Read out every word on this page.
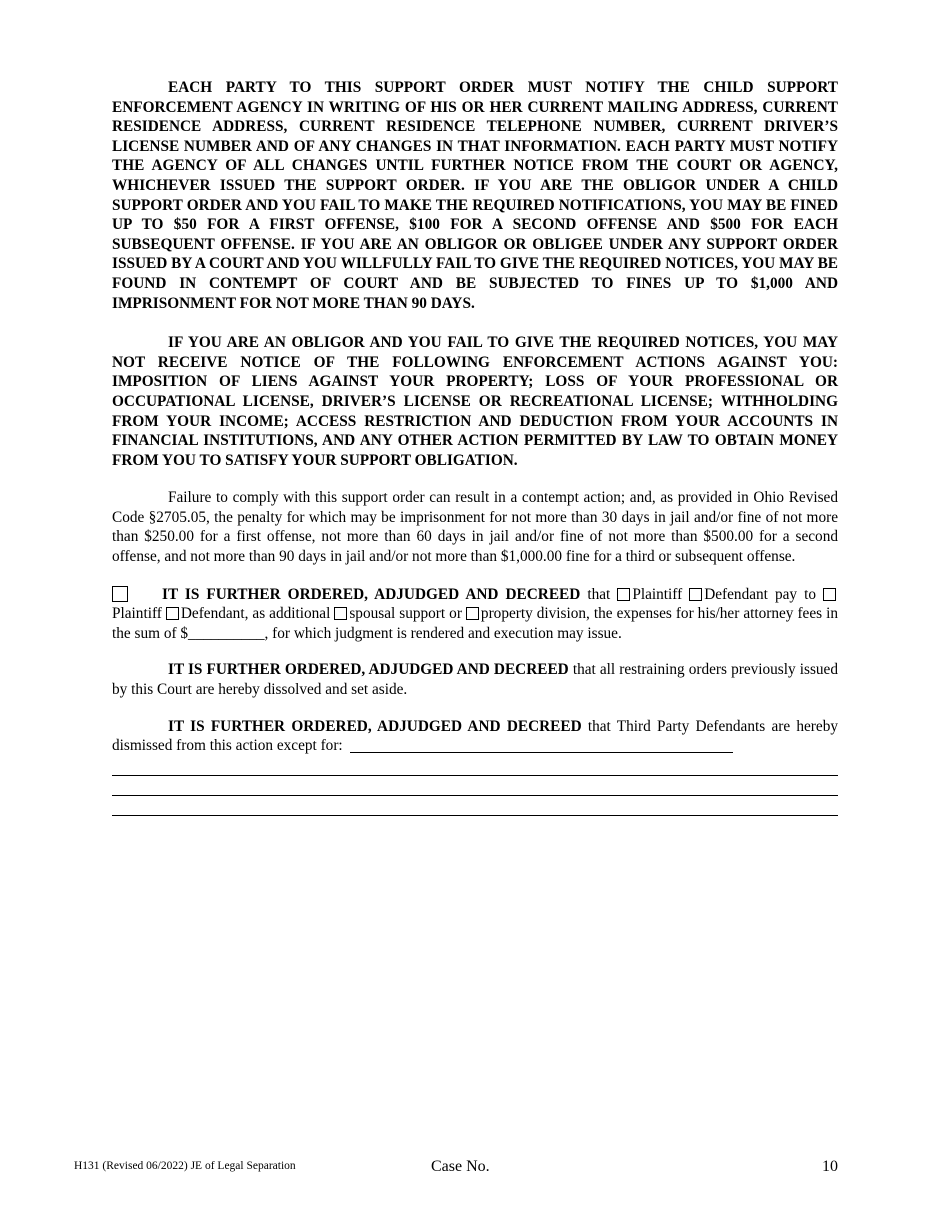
EACH PARTY TO THIS SUPPORT ORDER MUST NOTIFY THE CHILD SUPPORT ENFORCEMENT AGENCY IN WRITING OF HIS OR HER CURRENT MAILING ADDRESS, CURRENT RESIDENCE ADDRESS, CURRENT RESIDENCE TELEPHONE NUMBER, CURRENT DRIVER’S LICENSE NUMBER AND OF ANY CHANGES IN THAT INFORMATION. EACH PARTY MUST NOTIFY THE AGENCY OF ALL CHANGES UNTIL FURTHER NOTICE FROM THE COURT OR AGENCY, WHICHEVER ISSUED THE SUPPORT ORDER. IF YOU ARE THE OBLIGOR UNDER A CHILD SUPPORT ORDER AND YOU FAIL TO MAKE THE REQUIRED NOTIFICATIONS, YOU MAY BE FINED UP TO $50 FOR A FIRST OFFENSE, $100 FOR A SECOND OFFENSE AND $500 FOR EACH SUBSEQUENT OFFENSE. IF YOU ARE AN OBLIGOR OR OBLIGEE UNDER ANY SUPPORT ORDER ISSUED BY A COURT AND YOU WILLFULLY FAIL TO GIVE THE REQUIRED NOTICES, YOU MAY BE FOUND IN CONTEMPT OF COURT AND BE SUBJECTED TO FINES UP TO $1,000 AND IMPRISONMENT FOR NOT MORE THAN 90 DAYS.

IF YOU ARE AN OBLIGOR AND YOU FAIL TO GIVE THE REQUIRED NOTICES, YOU MAY NOT RECEIVE NOTICE OF THE FOLLOWING ENFORCEMENT ACTIONS AGAINST YOU: IMPOSITION OF LIENS AGAINST YOUR PROPERTY; LOSS OF YOUR PROFESSIONAL OR OCCUPATIONAL LICENSE, DRIVER’S LICENSE OR RECREATIONAL LICENSE; WITHHOLDING FROM YOUR INCOME; ACCESS RESTRICTION AND DEDUCTION FROM YOUR ACCOUNTS IN FINANCIAL INSTITUTIONS, AND ANY OTHER ACTION PERMITTED BY LAW TO OBTAIN MONEY FROM YOU TO SATISFY YOUR SUPPORT OBLIGATION.

Failure to comply with this support order can result in a contempt action; and, as provided in Ohio Revised Code §2705.05, the penalty for which may be imprisonment for not more than 30 days in jail and/or fine of not more than $250.00 for a first offense, not more than 60 days in jail and/or fine of not more than $500.00 for a second offense, and not more than 90 days in jail and/or not more than $1,000.00 fine for a third or subsequent offense.

IT IS FURTHER ORDERED, ADJUDGED AND DECREED that Plaintiff Defendant pay to Plaintiff Defendant, as additional spousal support or property division, the expenses for his/her attorney fees in the sum of $__________, for which judgment is rendered and execution may issue.

IT IS FURTHER ORDERED, ADJUDGED AND DECREED that all restraining orders previously issued by this Court are hereby dissolved and set aside.

IT IS FURTHER ORDERED, ADJUDGED AND DECREED that Third Party Defendants are hereby dismissed from this action except for:

H131 (Revised 06/2022) JE of Legal Separation	Case No.	10
